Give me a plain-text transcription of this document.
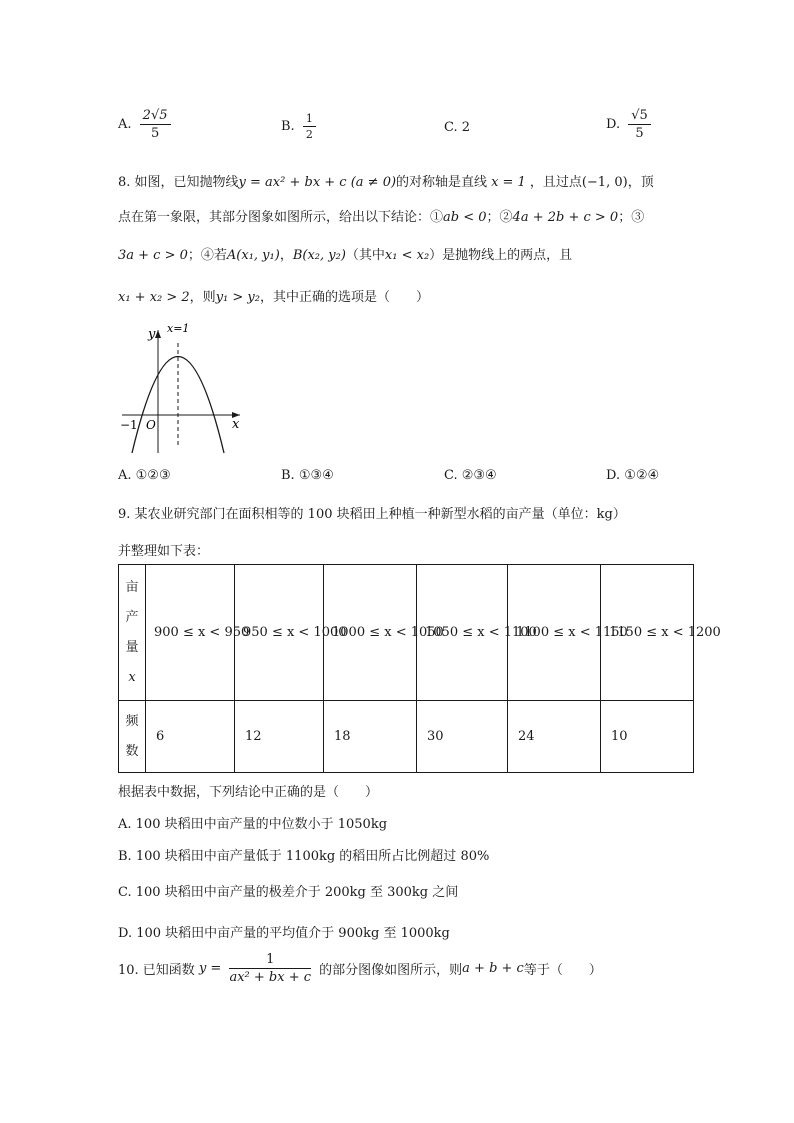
A. $\frac{2√5}{5}$	B. $\frac{1}{2}$	C. 2	D. $\frac{√5}{5}$
8. 如图，已知抛物线y = ax² + bx + c (a ≠ 0)的对称轴是直线 x = 1 ，且过点(−1, 0)，顶
点在第一象限，其部分图象如图所示，给出以下结论：①ab < 0；②4a + 2b + c > 0；③
3a + c > 0；④若A(x₁, y₁)，B(x₂, y₂)（其中x₁ < x₂）是抛物线上的两点，且
x₁ + x₂ > 2，则y₁ > y₂，其中正确的选项是（　　）
y
x
x=1
−1 O
A. ①②③	B. ①③④	C. ②③④	D. ①②④
9. 某农业研究部门在面积相等的 100 块稻田上种植一种新型水稻的亩产量（单位：kg）
并整理如下表：
亩
产
量
x	900 ≤ x < 950	950 ≤ x < 1000	1000 ≤ x < 1050	1050 ≤ x < 1100	1100 ≤ x < 1150	1150 ≤ x < 1200

频
数	6	12	18	30	24	10
根据表中数据，下列结论中正确的是（　　）
A. 100 块稻田中亩产量的中位数小于 1050kg
B. 100 块稻田中亩产量低于 1100kg 的稻田所占比例超过 80%
C. 100 块稻田中亩产量的极差介于 200kg 至 300kg 之间
D. 100 块稻田中亩产量的平均值介于 900kg 至 1000kg
10. 已知函数 $y = \frac{1}{\text{ax² + bx + c}}$ 的部分图像如图所示，则a + b + c等于（　　）
